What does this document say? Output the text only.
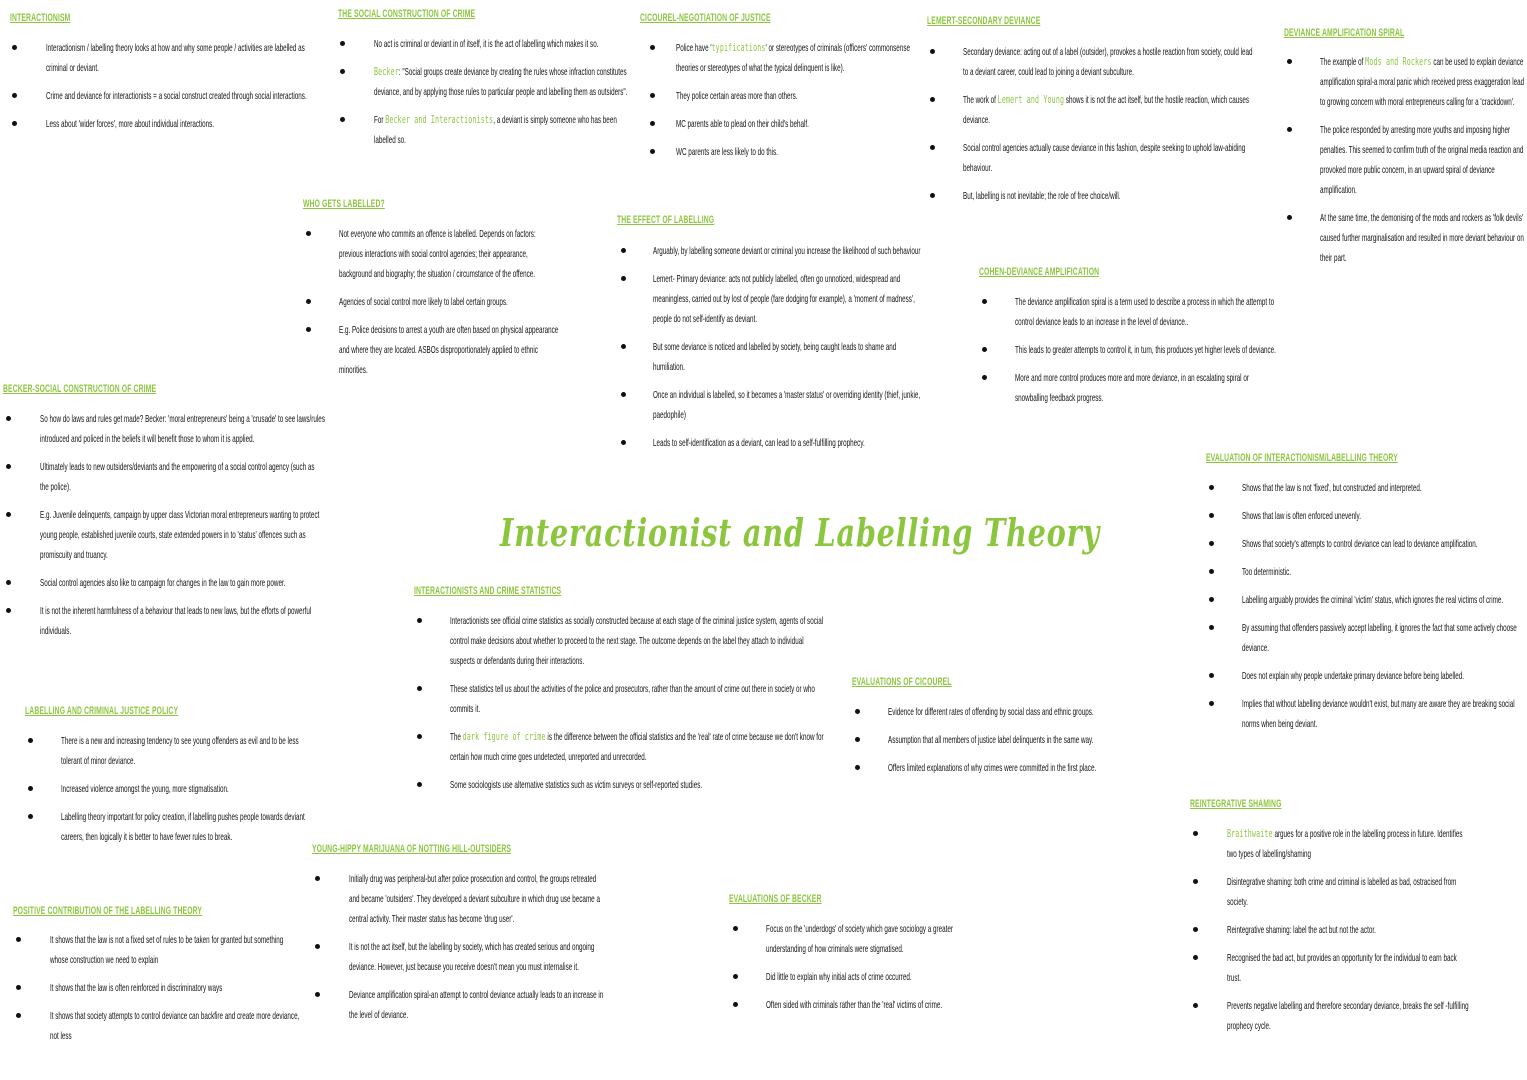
Interactionist and Labelling Theory
INTERACTIONISM
Interactionism / labelling theory looks at how and why some people / activities are labelled as criminal or deviant.
Crime and deviance for interactionists = a social construct created through social interactions.
Less about 'wider forces', more about individual interactions.
THE SOCIAL CONSTRUCTION OF CRIME
No act is criminal or deviant in of itself, it is the act of labelling which makes it so.
Becker: "Social groups create deviance by creating the rules whose infraction constitutes deviance, and by applying those rules to particular people and labelling them as outsiders".
For Becker and Interactionists, a deviant is simply someone who has been labelled so.
CICOUREL-NEGOTIATION OF JUSTICE
Police have 'typifications' or stereotypes of criminals (officers' commonsense theories or stereotypes of what the typical delinquent is like).
They police certain areas more than others.
MC parents able to plead on their child's behalf.
WC parents are less likely to do this.
LEMERT-SECONDARY DEVIANCE
Secondary deviance: acting out of a label (outsider), provokes a hostile reaction from society, could lead to a deviant career, could lead to joining a deviant subculture.
The work of Lemert and Young shows it is not the act itself, but the hostile reaction, which causes deviance.
Social control agencies actually cause deviance in this fashion, despite seeking to uphold law-abiding behaviour.
But, labelling is not inevitable; the role of free choice/will.
DEVIANCE AMPLIFICATION SPIRAL
The example of Mods and Rockers can be used to explain deviance amplification spiral-a moral panic which received press exaggeration lead to growing concern with moral entrepreneurs calling for a 'crackdown'.
The police responded by arresting more youths and imposing higher penalties. This seemed to confirm truth of the original media reaction and provoked more public concern, in an upward spiral of deviance amplification.
At the same time, the demonising of the mods and rockers as 'folk devils' caused further marginalisation and resulted in more deviant behaviour on their part.
WHO GETS LABELLED?
Not everyone who commits an offence is labelled. Depends on factors: previous interactions with social control agencies; their appearance, background and biography; the situation / circumstance of the offence.
Agencies of social control more likely to label certain groups.
E.g. Police decisions to arrest a youth are often based on physical appearance and where they are located. ASBOs disproportionately applied to ethnic minorities.
THE EFFECT OF LABELLING
Arguably, by labelling someone deviant or criminal you increase the likelihood of such behaviour
Lemert- Primary deviance: acts not publicly labelled, often go unnoticed, widespread and meaningless, carried out by lost of people (fare dodging for example), a 'moment of madness', people do not self-identify as deviant.
But some deviance is noticed and labelled by society, being caught leads to shame and humiliation.
Once an individual is labelled, so it becomes a 'master status' or overriding identity (thief, junkie, paedophile)
Leads to self-identification as a deviant, can lead to a self-fulfilling prophecy.
COHEN-DEVIANCE AMPLIFICATION
The deviance amplification spiral is a term used to describe a process in which the attempt to control deviance leads to an increase in the level of deviance..
This leads to greater attempts to control it, in turn, this produces yet higher levels of deviance.
More and more control produces more and more deviance, in an escalating spiral or snowballing feedback progress.
BECKER-SOCIAL CONSTRUCTION OF CRIME
So how do laws and rules get made? Becker: 'moral entrepreneurs' being a 'crusade' to see laws/rules introduced and policed in the beliefs it will benefit those to whom it is applied.
Ultimately leads to new outsiders/deviants and the empowering of a social control agency (such as the police).
E.g. Juvenile delinquents, campaign by upper class Victorian moral entrepreneurs wanting to protect young people, established juvenile courts, state extended powers in to 'status' offences such as promiscuity and truancy.
Social control agencies also like to campaign for changes in the law to gain more power.
It is not the inherent harmfulness of a behaviour that leads to new laws, but the efforts of powerful individuals.
INTERACTIONISTS AND CRIME STATISTICS
Interactionists see official crime statistics as socially constructed because at each stage of the criminal justice system, agents of social control make decisions about whether to proceed to the next stage. The outcome depends on the label they attach to individual suspects or defendants during their interactions.
These statistics tell us about the activities of the police and prosecutors, rather than the amount of crime out there in society or who commits it.
The dark figure of crime is the difference between the official statistics and the 'real' rate of crime because we don't know for certain how much crime goes undetected, unreported and unrecorded.
Some sociologists use alternative statistics such as victim surveys or self-reported studies.
EVALUATION OF INTERACTIONISM/LABELLING THEORY
Shows that the law is not 'fixed', but constructed and interpreted.
Shows that law is often enforced unevenly.
Shows that society's attempts to control deviance can lead to deviance amplification.
Too deterministic.
Labelling arguably provides the criminal 'victim' status, which ignores the real victims of crime.
By assuming that offenders passively accept labelling, it ignores the fact that some actively choose deviance.
Does not explain why people undertake primary deviance before being labelled.
Implies that without labelling deviance wouldn't exist, but many are aware they are breaking social norms when being deviant.
LABELLING AND CRIMINAL JUSTICE POLICY
There is a new and increasing tendency to see young offenders as evil and to be less tolerant of minor deviance.
Increased violence amongst the young, more stigmatisation.
Labelling theory important for policy creation, if labelling pushes people towards deviant careers, then logically it is better to have fewer rules to break.
EVALUATIONS OF CICOUREL
Evidence for different rates of offending by social class and ethnic groups.
Assumption that all members of justice label delinquents in the same way.
Offers limited explanations of why crimes were committed in the first place.
YOUNG-HIPPY MARIJUANA OF NOTTING HILL-OUTSIDERS
Initially drug was peripheral-but after police prosecution and control, the groups retreated and became 'outsiders'. They developed a deviant subculture in which drug use became a central activity. Their master status has become 'drug user'.
It is not the act itself, but the labelling by society, which has created serious and ongoing deviance. However, just because you receive doesn't mean you must internalise it.
Deviance amplification spiral-an attempt to control deviance actually leads to an increase in the level of deviance.
REINTEGRATIVE SHAMING
Braithwaite argues for a positive role in the labelling process in future. Identifies two types of labelling/shaming
Disintegrative shaming: both crime and criminal is labelled as bad, ostracised from society.
Reintegrative shaming: label the act but not the actor.
Recognised the bad act, but provides an opportunity for the individual to earn back trust.
Prevents negative labelling and therefore secondary deviance, breaks the self -fulfilling prophecy cycle.
POSITIVE CONTRIBUTION OF THE LABELLING THEORY
It shows that the law is not a fixed set of rules to be taken for granted but something whose construction we need to explain
It shows that the law is often reinforced in discriminatory ways
It shows that society attempts to control deviance can backfire and create more deviance, not less
EVALUATIONS OF BECKER
Focus on the 'underdogs' of society which gave sociology a greater understanding of how criminals were stigmatised.
Did little to explain why initial acts of crime occurred.
Often sided with criminals rather than the 'real' victims of crime.
